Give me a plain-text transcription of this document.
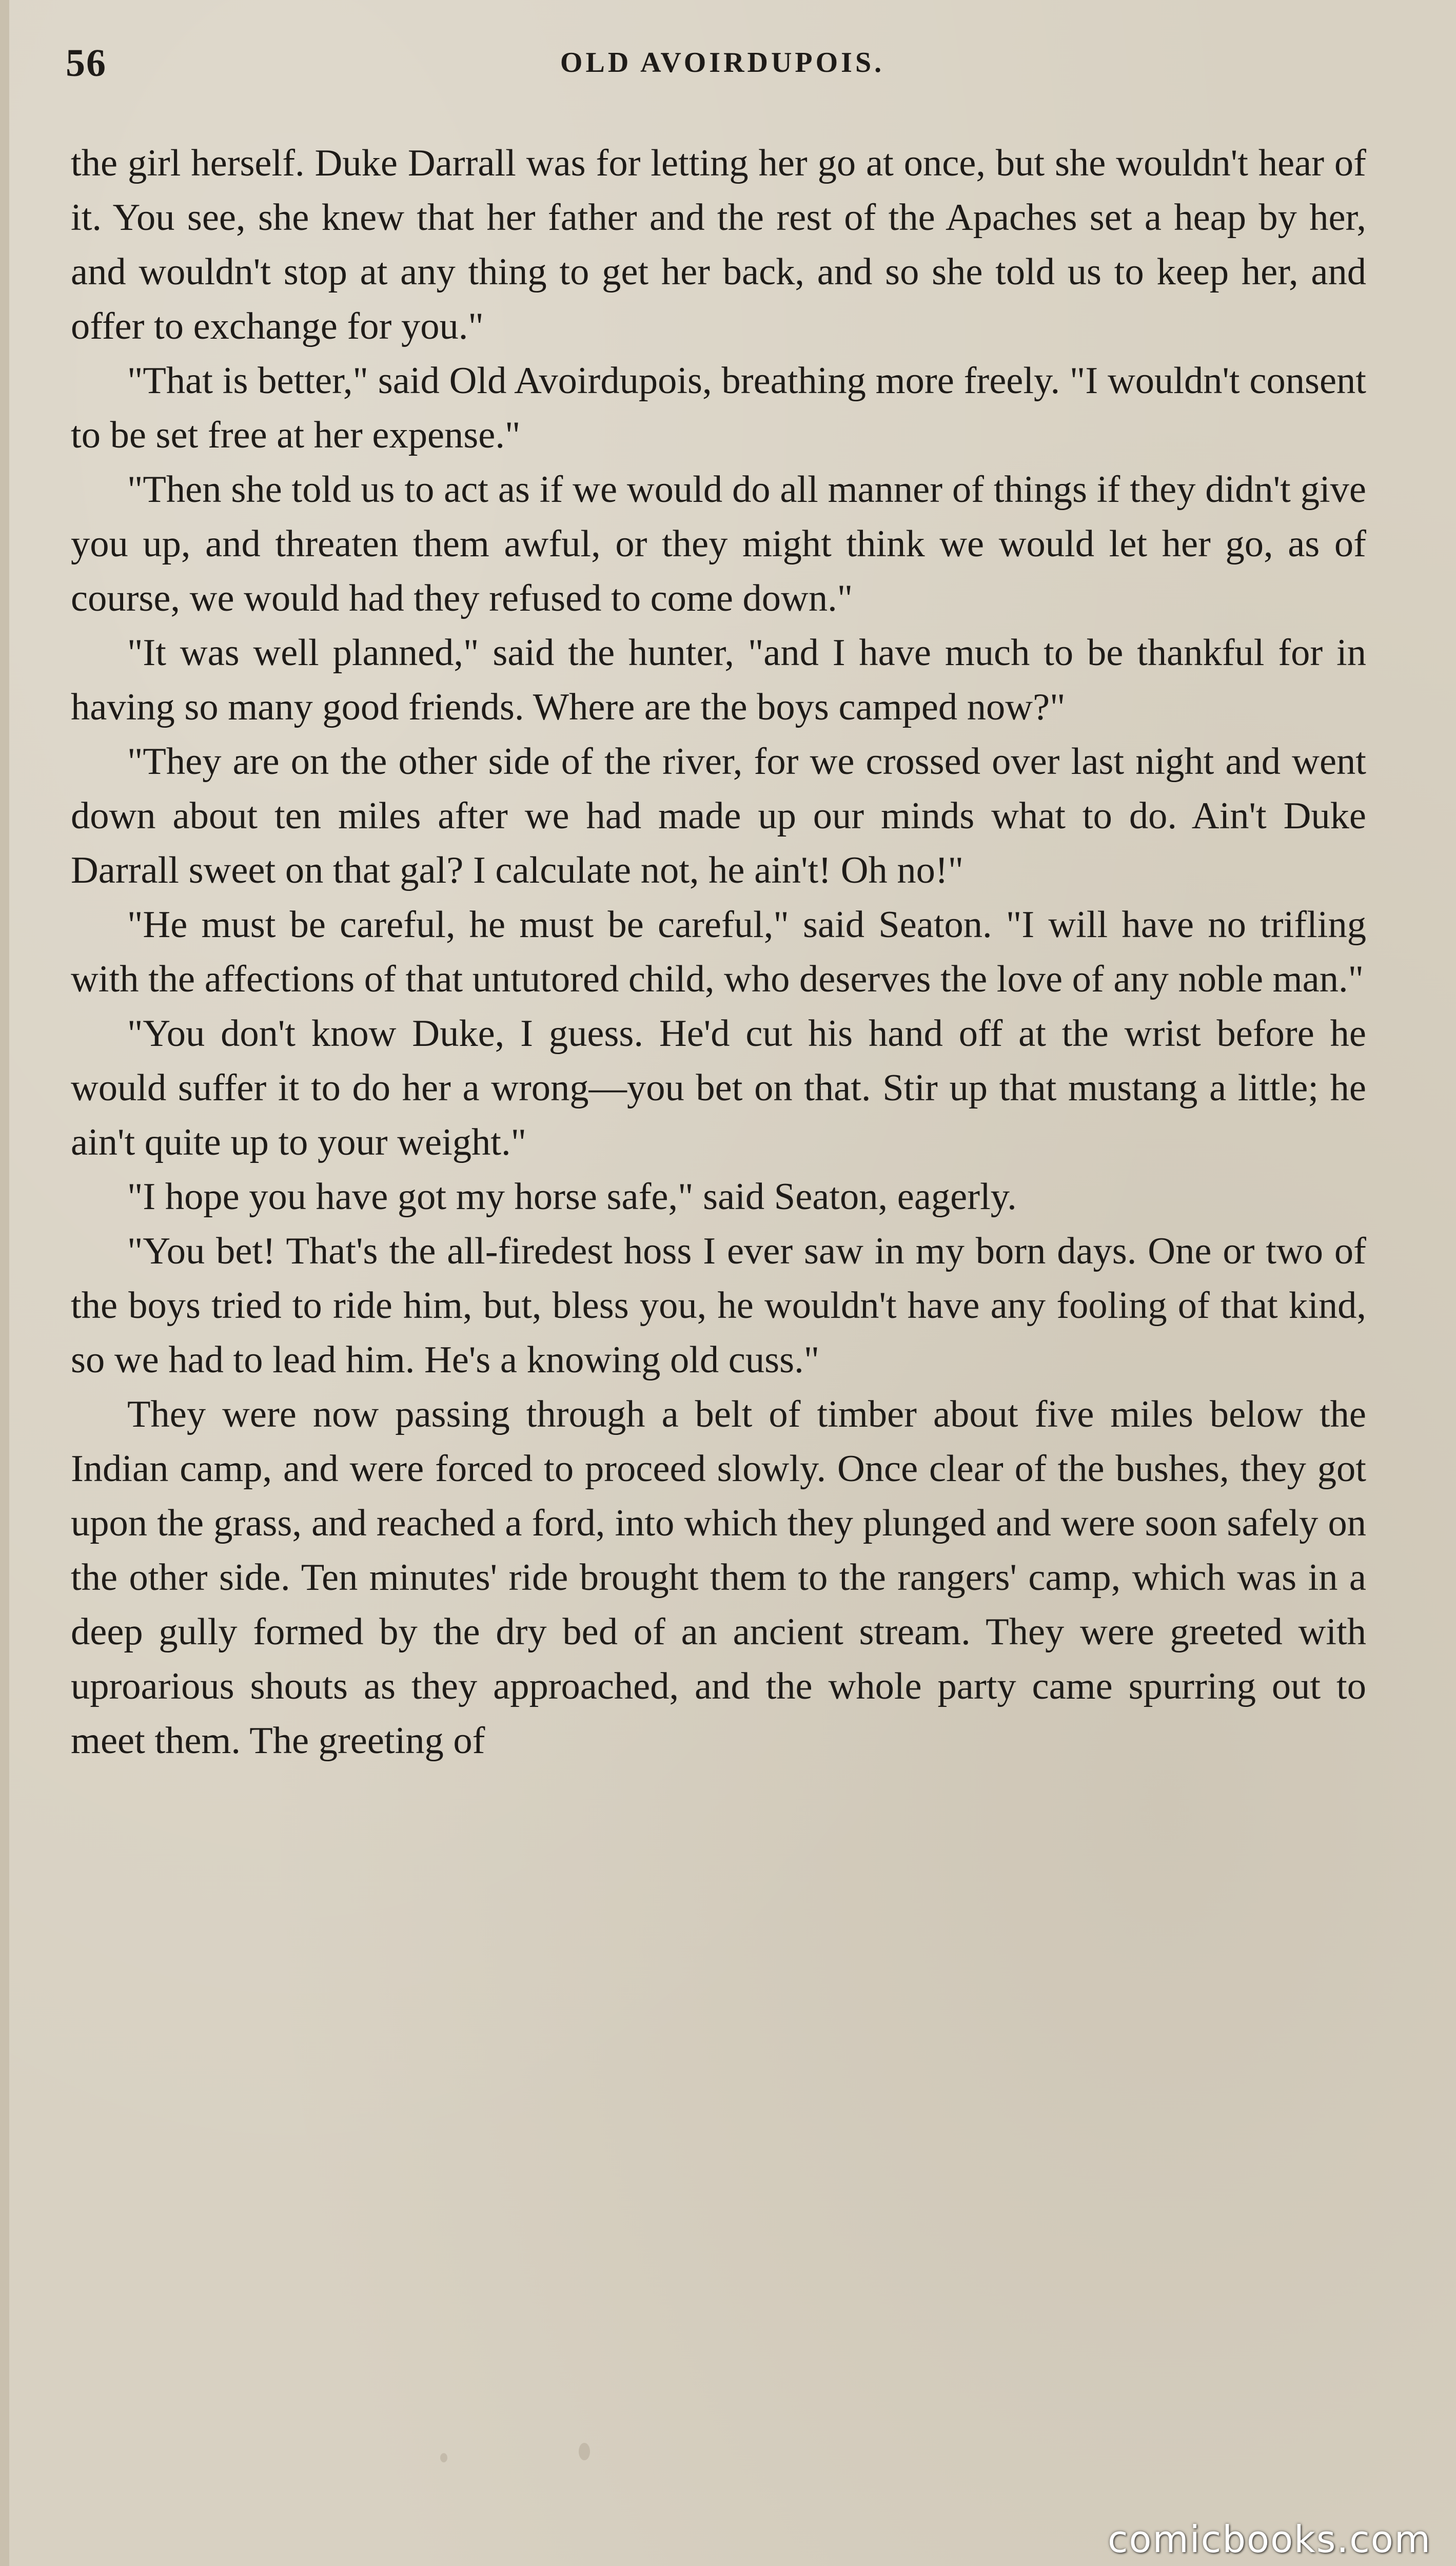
56	OLD AVOIRDUPOIS.

the girl herself. Duke Darrall was for letting her go at once, but she wouldn't hear of it. You see, she knew that her father and the rest of the Apaches set a heap by her, and wouldn't stop at any thing to get her back, and so she told us to keep her, and offer to exchange for you."

"That is better," said Old Avoirdupois, breathing more freely. "I wouldn't consent to be set free at her expense."

"Then she told us to act as if we would do all manner of things if they didn't give you up, and threaten them awful, or they might think we would let her go, as of course, we would had they refused to come down."

"It was well planned," said the hunter, "and I have much to be thankful for in having so many good friends. Where are the boys camped now?"

"They are on the other side of the river, for we crossed over last night and went down about ten miles after we had made up our minds what to do. Ain't Duke Darrall sweet on that gal? I calculate not, he ain't! Oh no!"

"He must be careful, he must be careful," said Seaton. "I will have no trifling with the affections of that untutored child, who deserves the love of any noble man."

"You don't know Duke, I guess. He'd cut his hand off at the wrist before he would suffer it to do her a wrong—you bet on that. Stir up that mustang a little; he ain't quite up to your weight."

"I hope you have got my horse safe," said Seaton, eagerly.

"You bet! That's the all-firedest hoss I ever saw in my born days. One or two of the boys tried to ride him, but, bless you, he wouldn't have any fooling of that kind, so we had to lead him. He's a knowing old cuss."

They were now passing through a belt of timber about five miles below the Indian camp, and were forced to proceed slowly. Once clear of the bushes, they got upon the grass, and reached a ford, into which they plunged and were soon safely on the other side. Ten minutes' ride brought them to the rangers' camp, which was in a deep gully formed by the dry bed of an ancient stream. They were greeted with uproarious shouts as they approached, and the whole party came spurring out to meet them. The greeting of

comicbooks.com
